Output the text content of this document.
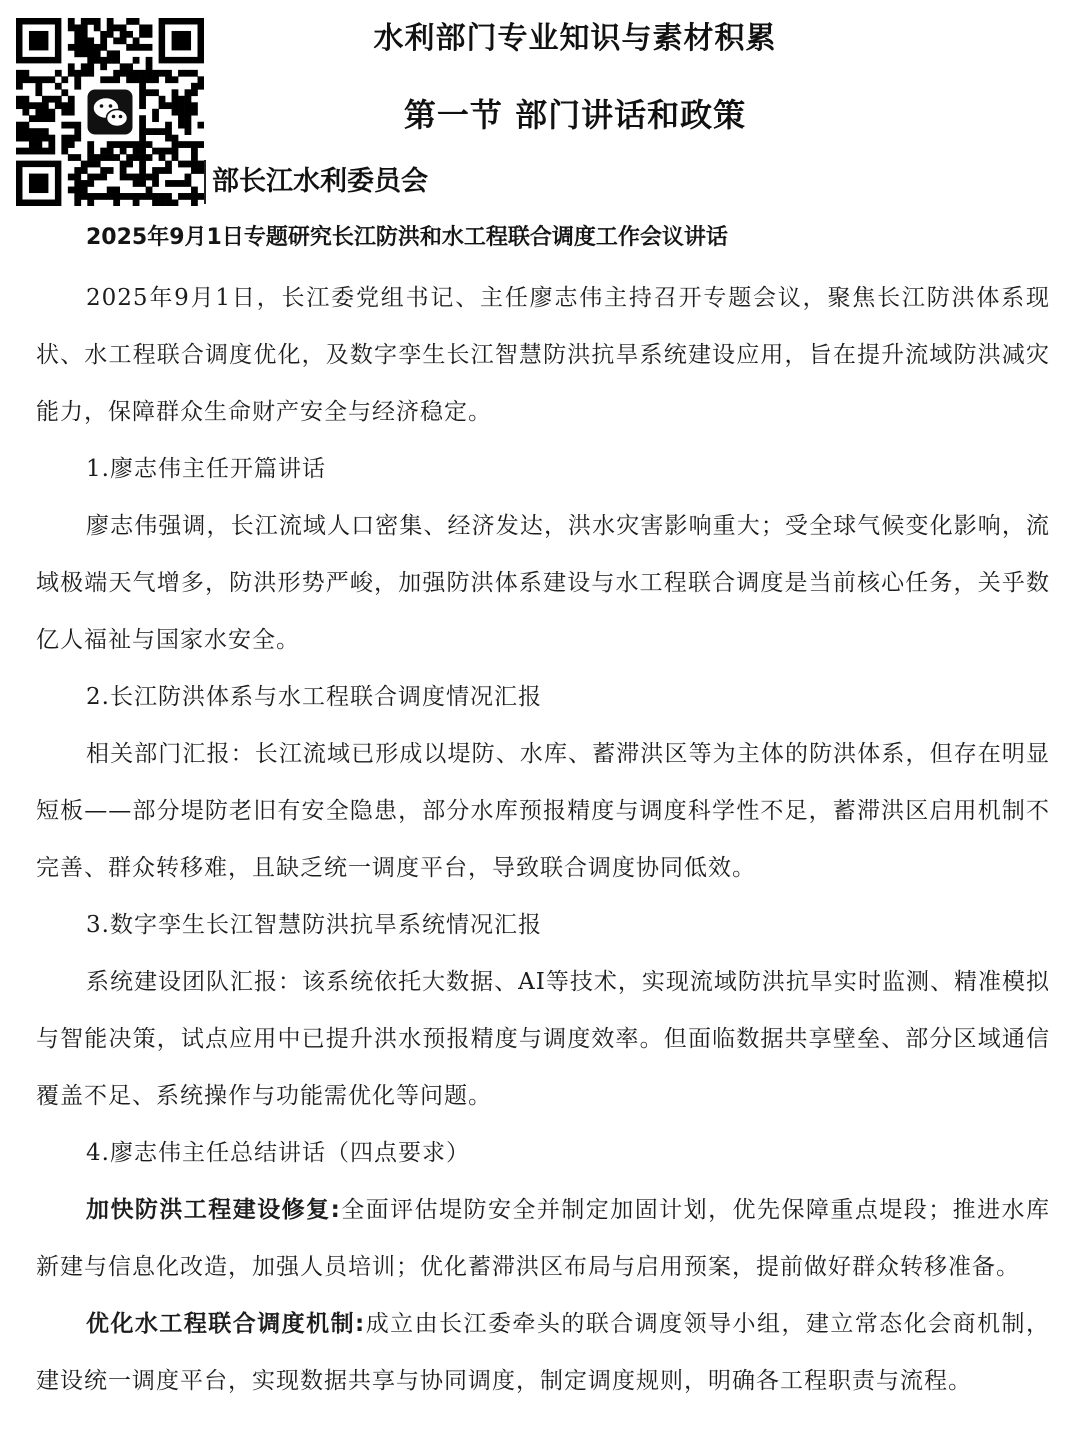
水利部门专业知识与素材积累
第一节 部门讲话和政策
部长江水利委员会
2025年9月1日专题研究长江防洪和水工程联合调度工作会议讲话

2025年9月1日，长江委党组书记、主任廖志伟主持召开专题会议，聚焦长江防洪体系现状、水工程联合调度优化，及数字孪生长江智慧防洪抗旱系统建设应用，旨在提升流域防洪减灾能力，保障群众生命财产安全与经济稳定。

1.廖志伟主任开篇讲话

廖志伟强调，长江流域人口密集、经济发达，洪水灾害影响重大；受全球气候变化影响，流域极端天气增多，防洪形势严峻，加强防洪体系建设与水工程联合调度是当前核心任务，关乎数亿人福祉与国家水安全。

2.长江防洪体系与水工程联合调度情况汇报

相关部门汇报：长江流域已形成以堤防、水库、蓄滞洪区等为主体的防洪体系，但存在明显短板——部分堤防老旧有安全隐患，部分水库预报精度与调度科学性不足，蓄滞洪区启用机制不完善、群众转移难，且缺乏统一调度平台，导致联合调度协同低效。

3.数字孪生长江智慧防洪抗旱系统情况汇报

系统建设团队汇报：该系统依托大数据、AI等技术，实现流域防洪抗旱实时监测、精准模拟与智能决策，试点应用中已提升洪水预报精度与调度效率。但面临数据共享壁垒、部分区域通信覆盖不足、系统操作与功能需优化等问题。

4.廖志伟主任总结讲话（四点要求）

加快防洪工程建设修复:全面评估堤防安全并制定加固计划，优先保障重点堤段；推进水库新建与信息化改造，加强人员培训；优化蓄滞洪区布局与启用预案，提前做好群众转移准备。

优化水工程联合调度机制:成立由长江委牵头的联合调度领导小组，建立常态化会商机制，建设统一调度平台，实现数据共享与协同调度，制定调度规则，明确各工程职责与流程。
